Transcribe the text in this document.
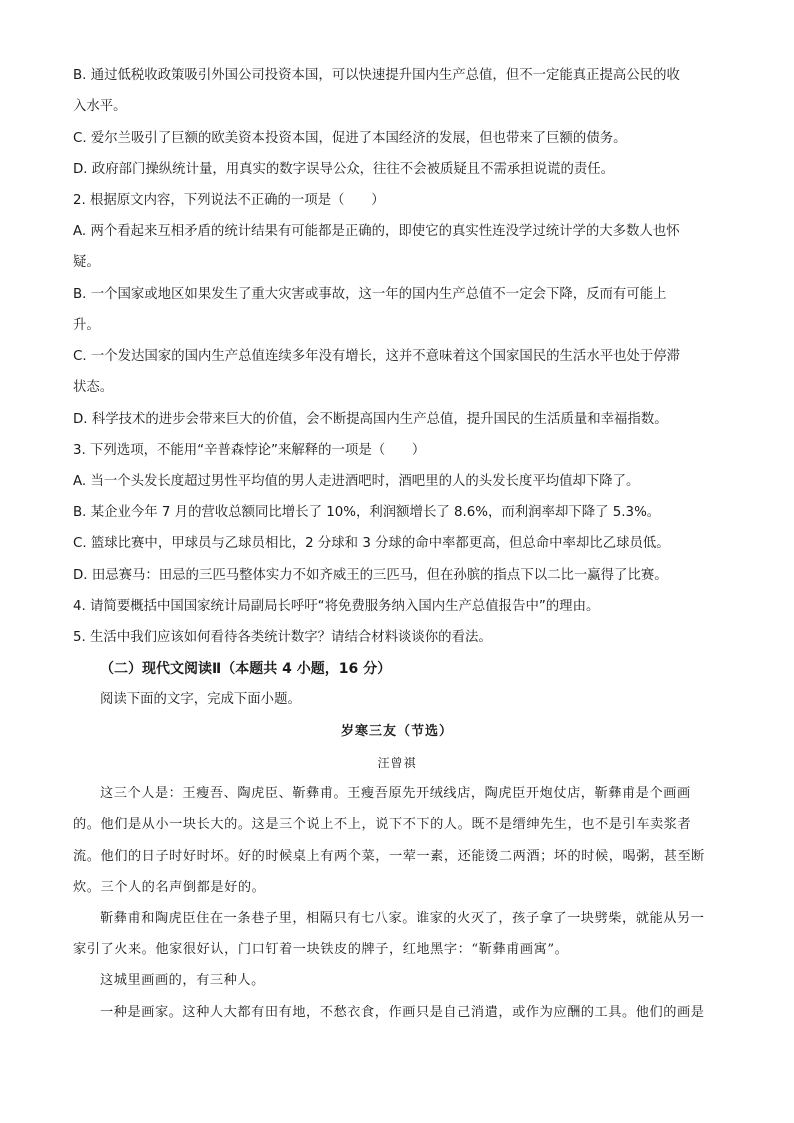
B. 通过低税收政策吸引外国公司投资本国，可以快速提升国内生产总值，但不一定能真正提高公民的收
入水平。
C. 爱尔兰吸引了巨额的欧美资本投资本国，促进了本国经济的发展，但也带来了巨额的债务。
D. 政府部门操纵统计量，用真实的数字误导公众，往往不会被质疑且不需承担说谎的责任。
2. 根据原文内容，下列说法不正确的一项是（　　）
A. 两个看起来互相矛盾的统计结果有可能都是正确的，即使它的真实性连没学过统计学的大多数人也怀
疑。
B. 一个国家或地区如果发生了重大灾害或事故，这一年的国内生产总值不一定会下降，反而有可能上
升。
C. 一个发达国家的国内生产总值连续多年没有增长，这并不意味着这个国家国民的生活水平也处于停滞
状态。
D. 科学技术的进步会带来巨大的价值，会不断提高国内生产总值，提升国民的生活质量和幸福指数。
3. 下列选项，不能用“辛普森悖论”来解释的一项是（　　）
A. 当一个头发长度超过男性平均值的男人走进酒吧时，酒吧里的人的头发长度平均值却下降了。
B. 某企业今年 7 月的营收总额同比增长了 10%，利润额增长了 8.6%，而利润率却下降了 5.3%。
C. 篮球比赛中，甲球员与乙球员相比，2 分球和 3 分球的命中率都更高，但总命中率却比乙球员低。
D. 田忌赛马：田忌的三匹马整体实力不如齐威王的三匹马，但在孙膑的指点下以二比一赢得了比赛。
4. 请简要概括中国国家统计局副局长呼吁“将免费服务纳入国内生产总值报告中”的理由。
5. 生活中我们应该如何看待各类统计数字？请结合材料谈谈你的看法。
（二）现代文阅读Ⅱ（本题共 4 小题，16 分）
阅读下面的文字，完成下面小题。
岁寒三友（节选）
汪曾祺
这三个人是：王瘦吾、陶虎臣、靳彝甫。王瘦吾原先开绒线店，陶虎臣开炮仗店，靳彝甫是个画画
的。他们是从小一块长大的。这是三个说上不上，说下不下的人。既不是缙绅先生，也不是引车卖浆者
流。他们的日子时好时坏。好的时候桌上有两个菜，一荤一素，还能烫二两酒；坏的时候，喝粥，甚至断
炊。三个人的名声倒都是好的。
靳彝甫和陶虎臣住在一条巷子里，相隔只有七八家。谁家的火灭了，孩子拿了一块劈柴，就能从另一
家引了火来。他家很好认，门口钉着一块铁皮的牌子，红地黑字：“靳彝甫画寓”。
这城里画画的，有三种人。
一种是画家。这种人大都有田有地，不愁衣食，作画只是自己消遣，或作为应酬的工具。他们的画是
